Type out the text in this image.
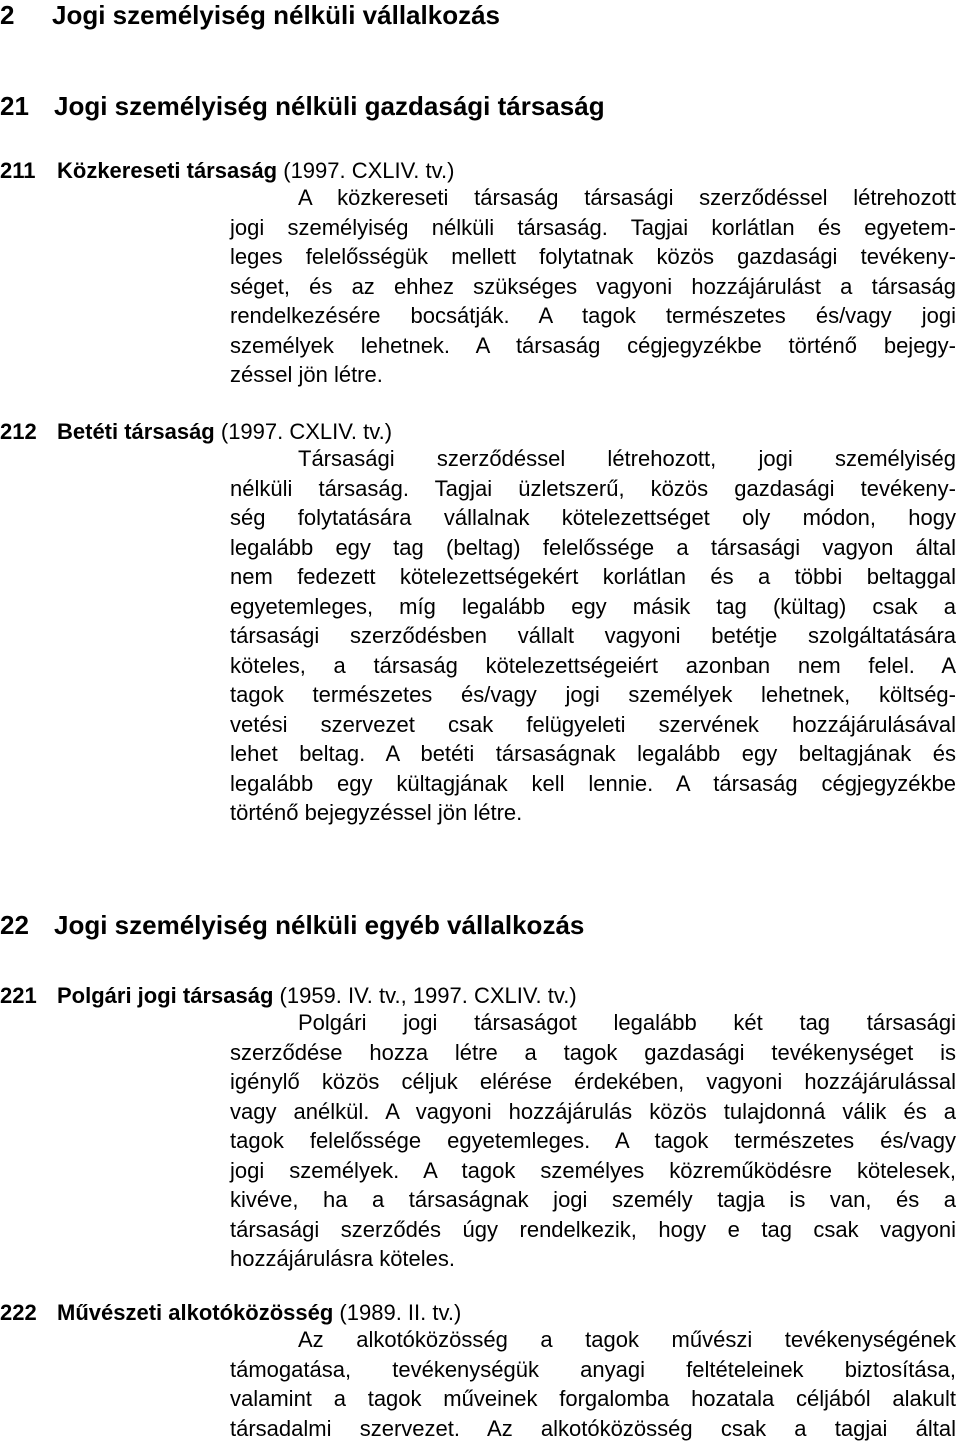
2 Jogi személyiség nélküli vállalkozás
21 Jogi személyiség nélküli gazdasági társaság
211 Közkereseti társaság (1997. CXLIV. tv.)
A közkereseti társaság társasági szerződéssel létrehozott
jogi személyiség nélküli társaság. Tagjai korlátlan és egyetem-
leges felelősségük mellett folytatnak közös gazdasági tevékeny-
séget, és az ehhez szükséges vagyoni hozzájárulást a társaság
rendelkezésére bocsátják. A tagok természetes és/vagy jogi
személyek lehetnek. A társaság cégjegyzékbe történő bejegy-
zéssel jön létre.
212 Betéti társaság (1997. CXLIV. tv.)
Társasági szerződéssel létrehozott, jogi személyiség
nélküli társaság. Tagjai üzletszerű, közös gazdasági tevékeny-
ség folytatására vállalnak kötelezettséget oly módon, hogy
legalább egy tag (beltag) felelőssége a társasági vagyon által
nem fedezett kötelezettségekért korlátlan és a többi beltaggal
egyetemleges, míg legalább egy másik tag (kültag) csak a
társasági szerződésben vállalt vagyoni betétje szolgáltatására
köteles, a társaság kötelezettségeiért azonban nem felel. A
tagok természetes és/vagy jogi személyek lehetnek, költség-
vetési szervezet csak felügyeleti szervének hozzájárulásával
lehet beltag. A betéti társaságnak legalább egy beltagjának és
legalább egy kültagjának kell lennie. A társaság cégjegyzékbe
történő bejegyzéssel jön létre.
22 Jogi személyiség nélküli egyéb vállalkozás
221 Polgári jogi társaság (1959. IV. tv., 1997. CXLIV. tv.)
Polgári jogi társaságot legalább két tag társasági
szerződése hozza létre a tagok gazdasági tevékenységet is
igénylő közös céljuk elérése érdekében, vagyoni hozzájárulással
vagy anélkül. A vagyoni hozzájárulás közös tulajdonná válik és a
tagok felelőssége egyetemleges. A tagok természetes és/vagy
jogi személyek. A tagok személyes közreműködésre kötelesek,
kivéve, ha a társaságnak jogi személy tagja is van, és a
társasági szerződés úgy rendelkezik, hogy e tag csak vagyoni
hozzájárulásra köteles.
222 Művészeti alkotóközösség (1989. II. tv.)
Az alkotóközösség a tagok művészi tevékenységének
támogatása, tevékenységük anyagi feltételeinek biztosítása,
valamint a tagok műveinek forgalomba hozatala céljából alakult
társadalmi szervezet. Az alkotóközösség csak a tagjai által
